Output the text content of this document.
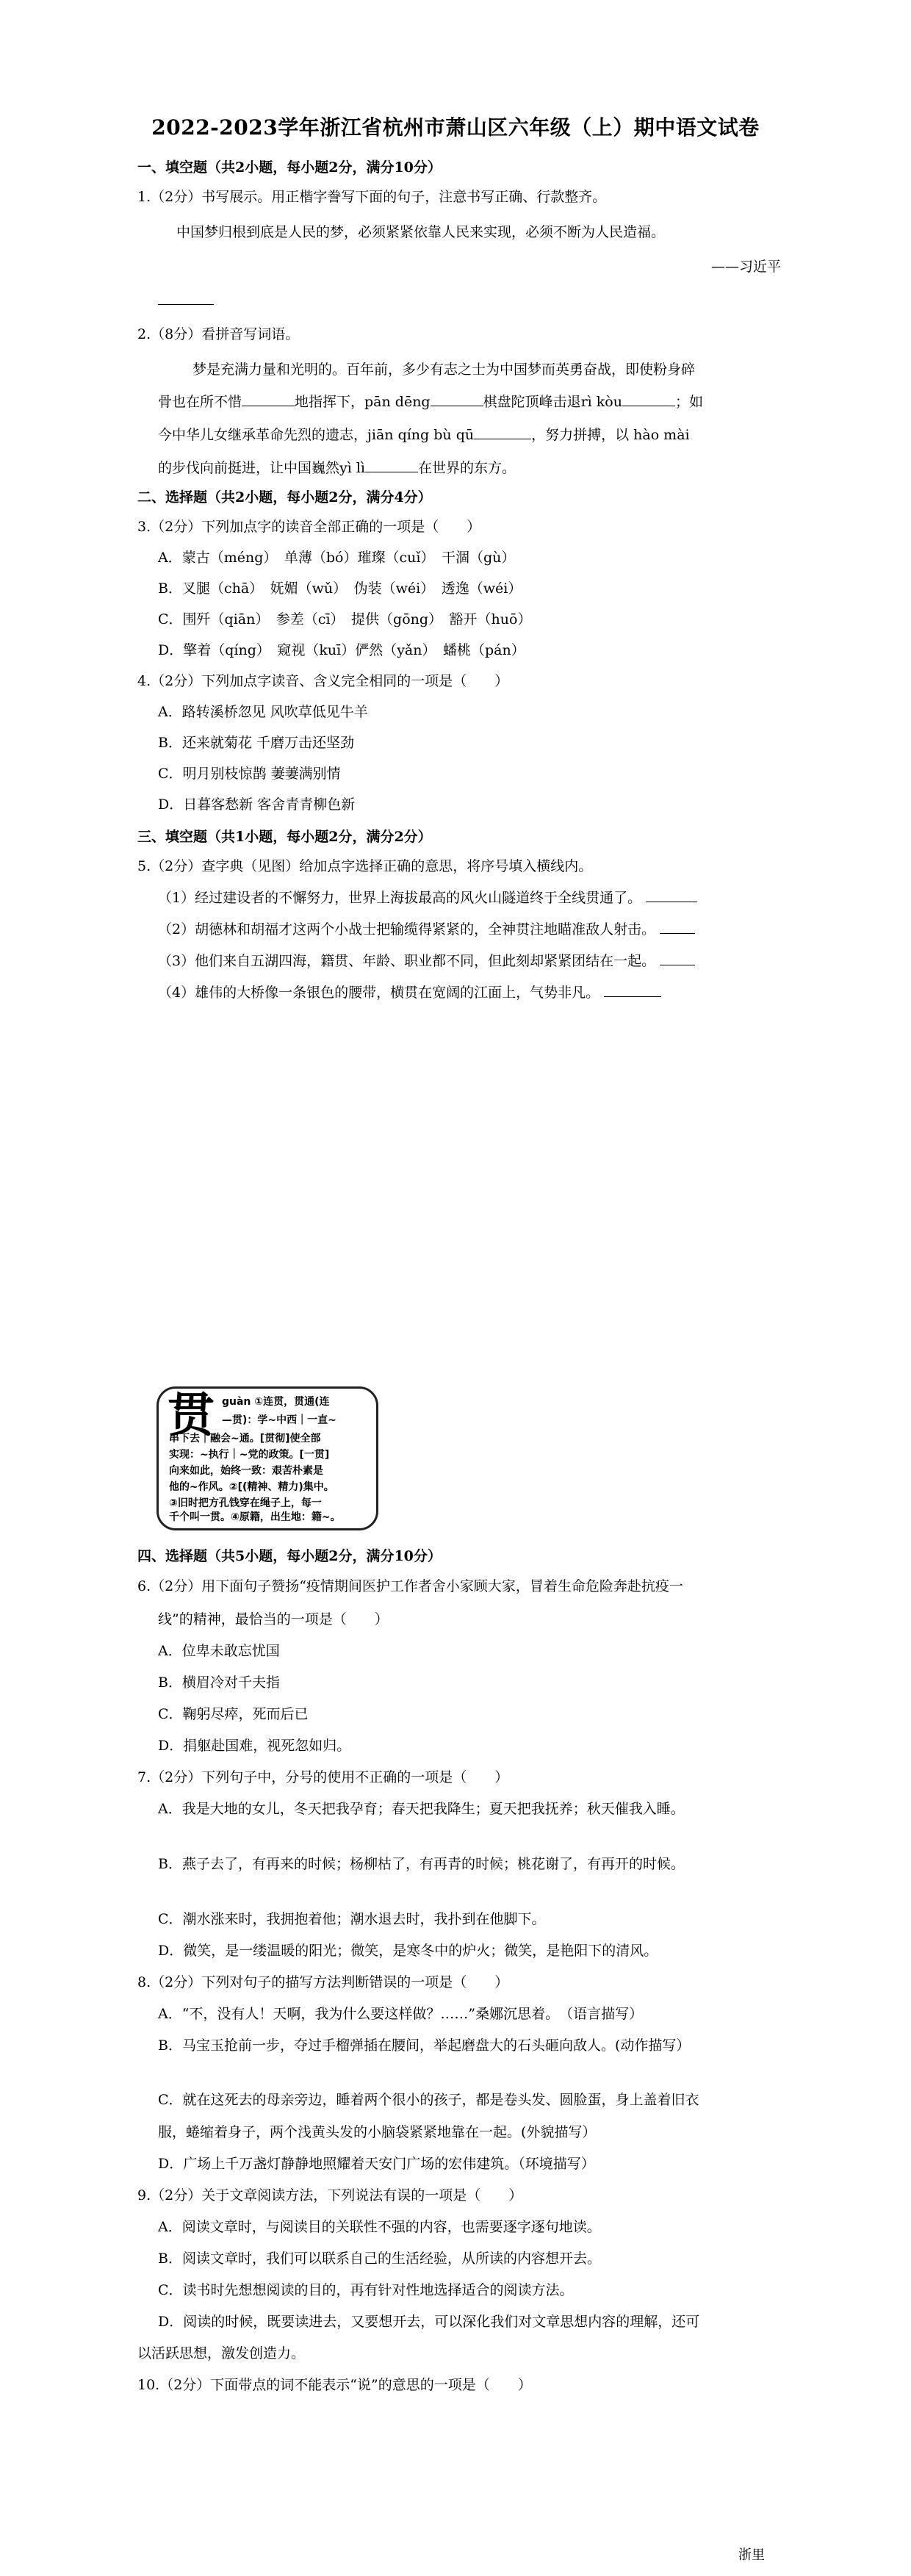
2022-2023学年浙江省杭州市萧山区六年级（上）期中语文试卷
一、填空题（共2小题，每小题2分，满分10分）
1.（2分）书写展示。用正楷字誊写下面的句子，注意书写正确、行款整齐。
中国梦归根到底是人民的梦，必须紧紧依靠人民来实现，必须不断为人民造福。
——习近平
2.（8分）看拼音写词语。
梦是充满力量和光明的。百年前，多少有志之士为中国梦而英勇奋战，即使粉身碎
骨也在所不惜	地指挥下，pān dēng	棋盘陀顶峰击退rì kòu	；如
今中华儿女继承革命先烈的遗志，jiān qíng bù qū	，努力拼搏，以 hào mài
的步伐向前挺进，让中国巍然yì lì	在世界的东方。
二、选择题（共2小题，每小题2分，满分4分）
3.（2分）下列加点字的读音全部正确的一项是（　　）
A．蒙古（méng）　单薄（bó）璀璨（cuǐ）　干涸（gù）
B．叉腿（chā）　妩媚（wǔ）　伪装（wéi）　透逸（wéi）
C．围歼（qiān）　参差（cī）　提供（gōng）　豁开（huō）
D．擎着（qíng）　窥视（kuī）俨然（yǎn）　蟠桃（pán）
4.（2分）下列加点字读音、含义完全相同的一项是（　　）
A．路转溪桥忽见 风吹草低见牛羊
B．还来就菊花 千磨万击还坚劲
C．明月别枝惊鹊 萋萋满别情
D．日暮客愁新 客舍青青柳色新
三、填空题（共1小题，每小题2分，满分2分）
5.（2分）查字典（见图）给加点字选择正确的意思，将序号填入横线内。
（1）经过建设者的不懈努力，世界上海拔最高的风火山隧道终于全线贯通了。
（2）胡德林和胡福才这两个小战士把输缆得紧紧的，全神贯注地瞄准敌人射击。
（3）他们来自五湖四海，籍贯、年龄、职业都不同，但此刻却紧紧团结在一起。
（4）雄伟的大桥像一条银色的腰带，横贯在宽阔的江面上，气势非凡。
贯 guàn ①连贯，贯通(连
—贯)：学~中西｜一直~
串下去｜融会~通。[贯彻]使全部
实现：~执行｜~党的政策。[一贯]
向来如此，始终一致：艰苦朴素是
他的~作风。②[(精神、精力)集中。
③旧时把方孔钱穿在绳子上，每一
千个叫一贯。④原籍，出生地：籍~。
四、选择题（共5小题，每小题2分，满分10分）
6.（2分）用下面句子赞扬“疫情期间医护工作者舍小家顾大家，冒着生命危险奔赴抗疫一
线”的精神，最恰当的一项是（　　）
A．位卑未敢忘忧国
B．横眉冷对千夫指
C．鞠躬尽瘁，死而后已
D．捐躯赴国难，视死忽如归。
7.（2分）下列句子中，分号的使用不正确的一项是（　　）
A．我是大地的女儿，冬天把我孕育；春天把我降生；夏天把我抚养；秋天催我入睡。
B．燕子去了，有再来的时候；杨柳枯了，有再青的时候；桃花谢了，有再开的时候。
C．潮水涨来时，我拥抱着他；潮水退去时，我扑到在他脚下。
D．微笑，是一缕温暖的阳光；微笑，是寒冬中的炉火；微笑，是艳阳下的清风。
8.（2分）下列对句子的描写方法判断错误的一项是（　　）
A．“不，没有人！天啊，我为什么要这样做？……”桑娜沉思着。　（语言描写）
B．马宝玉抢前一步，夺过手榴弹插在腰间，举起磨盘大的石头砸向敌人。(动作描写）
C．就在这死去的母亲旁边，睡着两个很小的孩子，都是卷头发、圆脸蛋，身上盖着旧衣
服，蜷缩着身子，两个浅黄头发的小脑袋紧紧地靠在一起。(外貌描写）
D．广场上千万盏灯静静地照耀着天安门广场的宏伟建筑。（环境描写）
9.（2分）关于文章阅读方法，下列说法有误的一项是（　　）
A．阅读文章时，与阅读目的关联性不强的内容，也需要逐字逐句地读。
B．阅读文章时，我们可以联系自己的生活经验，从所读的内容想开去。
C．读书时先想想阅读的目的，再有针对性地选择适合的阅读方法。
D．阅读的时候，既要读进去，又要想开去，可以深化我们对文章思想内容的理解，还可
以活跃思想，激发创造力。
10.（2分）下面带点的词不能表示“说”的意思的一项是（　　）
浙里
